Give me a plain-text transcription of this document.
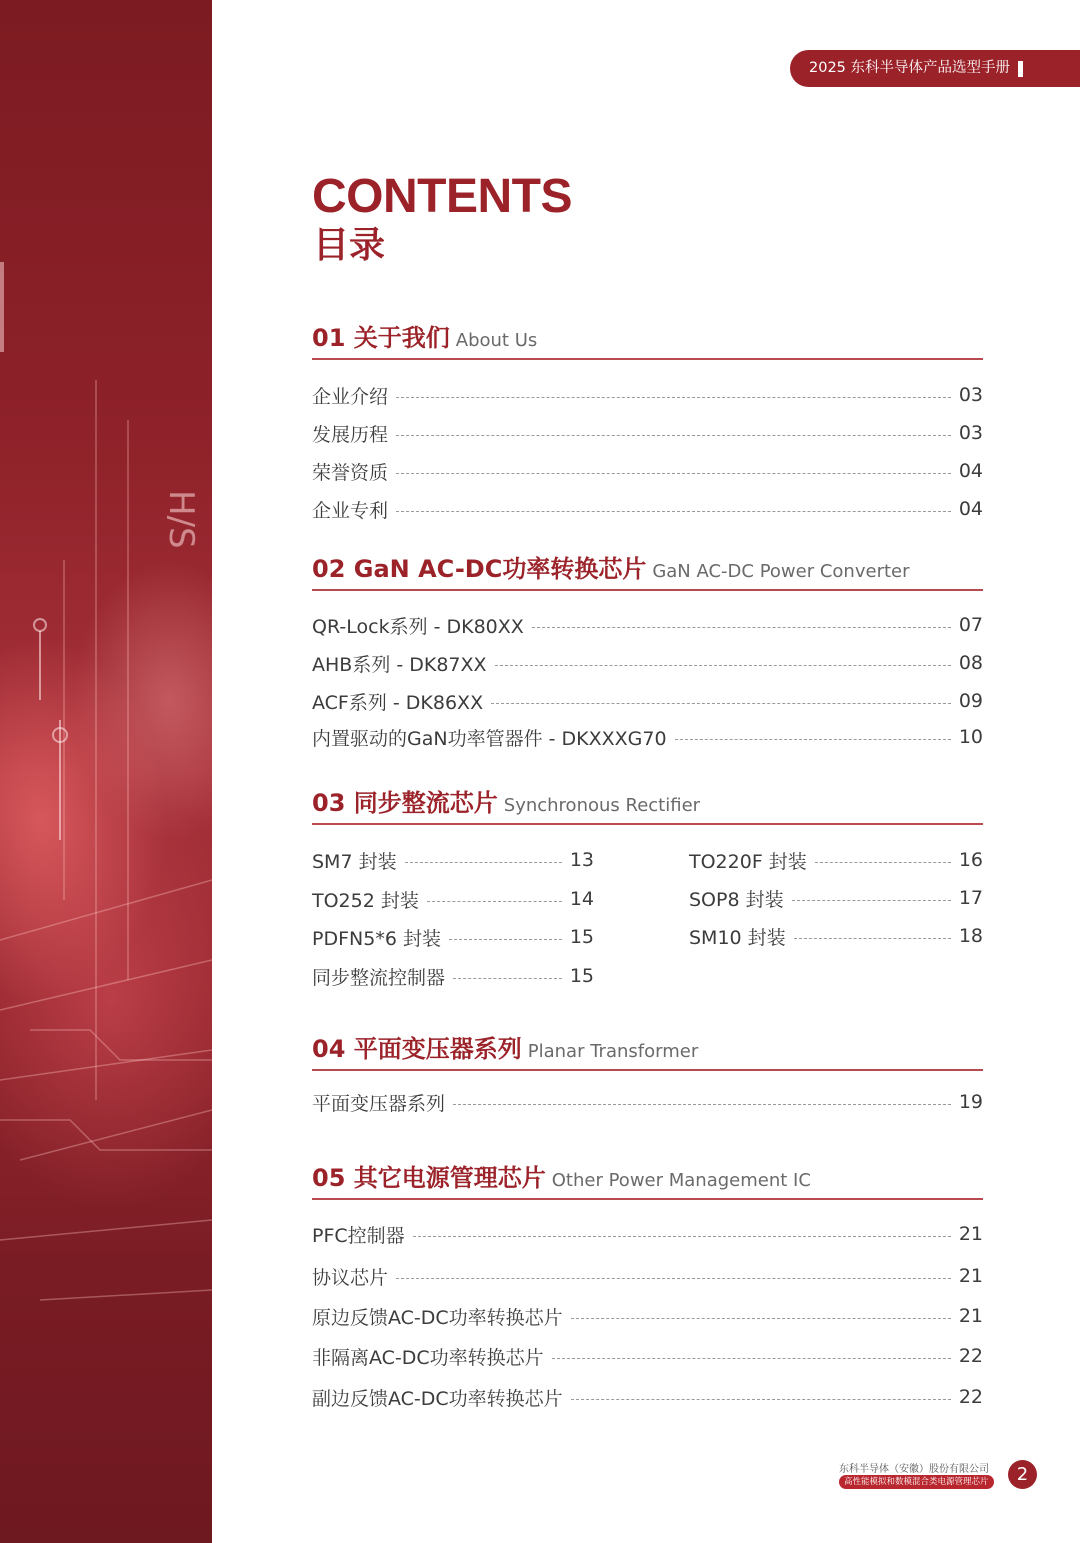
H/S
2025 东科半导体产品选型手册
CONTENTS
目录
01 关于我们 About Us
企业介绍	03
发展历程	03
荣誉资质	04
企业专利	04
02 GaN AC-DC功率转换芯片 GaN AC-DC Power Converter
QR-Lock系列 - DK80XX	07
AHB系列 - DK87XX	08
ACF系列 - DK86XX	09
内置驱动的GaN功率管器件 - DKXXXG70	10
03 同步整流芯片 Synchronous Rectifier
SM7 封装	13
TO252 封装	14
PDFN5*6 封装	15
同步整流控制器	15
TO220F 封装	16
SOP8 封装	17
SM10 封装	18
04 平面变压器系列 Planar Transformer
平面变压器系列	19
05 其它电源管理芯片 Other Power Management IC
PFC控制器	21
协议芯片	21
原边反馈AC-DC功率转换芯片	21
非隔离AC-DC功率转换芯片	22
副边反馈AC-DC功率转换芯片	22
东科半导体（安徽）股份有限公司
高性能模拟和数模混合类电源管理芯片	2
